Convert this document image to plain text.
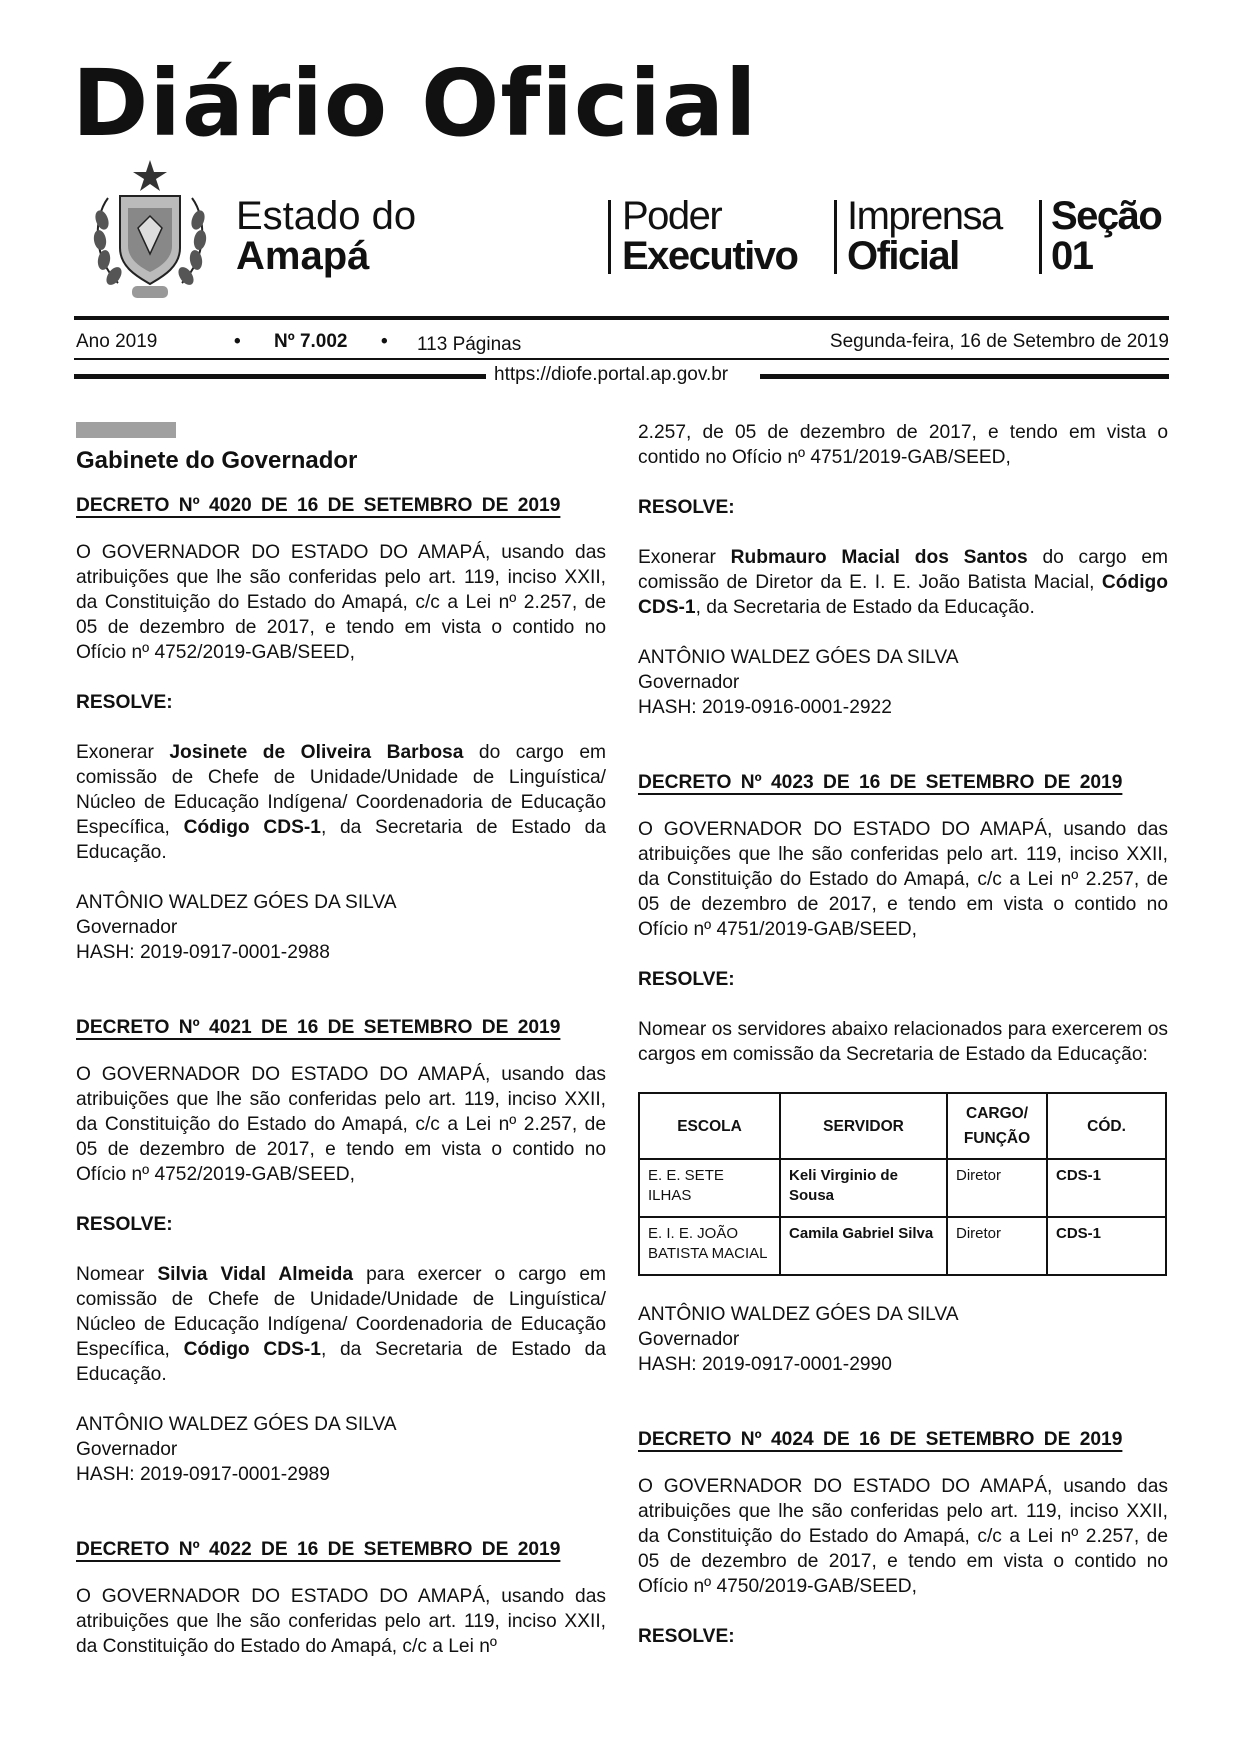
Diário Oficial
Estado do
Amapá
Poder
Executivo
Imprensa
Oficial
Seção
01
Ano 2019	• Nº 7.002 • 113 Páginas	Segunda-feira, 16 de Setembro de 2019
https://diofe.portal.ap.gov.br
Gabinete do Governador
DECRETO Nº 4020 DE 16 DE SETEMBRO DE 2019
O GOVERNADOR DO ESTADO DO AMAPÁ, usando das atribuições que lhe são conferidas pelo art. 119, inciso XXII, da Constituição do Estado do Amapá, c/c a Lei nº 2.257, de 05 de dezembro de 2017, e tendo em vista o contido no Ofício nº 4752/2019-GAB/SEED,
RESOLVE:
Exonerar Josinete de Oliveira Barbosa do cargo em comissão de Chefe de Unidade/Unidade de Linguística/ Núcleo de Educação Indígena/ Coordenadoria de Educação Específica, Código CDS-1, da Secretaria de Estado da Educação.
ANTÔNIO WALDEZ GÓES DA SILVA
Governador
HASH: 2019-0917-0001-2988
DECRETO Nº 4021 DE 16 DE SETEMBRO DE 2019
O GOVERNADOR DO ESTADO DO AMAPÁ, usando das atribuições que lhe são conferidas pelo art. 119, inciso XXII, da Constituição do Estado do Amapá, c/c a Lei nº 2.257, de 05 de dezembro de 2017, e tendo em vista o contido no Ofício nº 4752/2019-GAB/SEED,
RESOLVE:
Nomear Silvia Vidal Almeida para exercer o cargo em comissão de Chefe de Unidade/Unidade de Linguística/ Núcleo de Educação Indígena/ Coordenadoria de Educação Específica, Código CDS-1, da Secretaria de Estado da Educação.
ANTÔNIO WALDEZ GÓES DA SILVA
Governador
HASH: 2019-0917-0001-2989
DECRETO Nº 4022 DE 16 DE SETEMBRO DE 2019
O GOVERNADOR DO ESTADO DO AMAPÁ, usando das atribuições que lhe são conferidas pelo art. 119, inciso XXII, da Constituição do Estado do Amapá, c/c a Lei nº
2.257, de 05 de dezembro de 2017, e tendo em vista o contido no Ofício nº 4751/2019-GAB/SEED,
RESOLVE:
Exonerar Rubmauro Macial dos Santos do cargo em comissão de Diretor da E. I. E. João Batista Macial, Código CDS-1, da Secretaria de Estado da Educação.
ANTÔNIO WALDEZ GÓES DA SILVA
Governador
HASH: 2019-0916-0001-2922
DECRETO Nº 4023 DE 16 DE SETEMBRO DE 2019
O GOVERNADOR DO ESTADO DO AMAPÁ, usando das atribuições que lhe são conferidas pelo art. 119, inciso XXII, da Constituição do Estado do Amapá, c/c a Lei nº 2.257, de 05 de dezembro de 2017, e tendo em vista o contido no Ofício nº 4751/2019-GAB/SEED,
RESOLVE:
Nomear os servidores abaixo relacionados para exercerem os cargos em comissão da Secretaria de Estado da Educação:
ESCOLA	SERVIDOR	CARGO/ FUNÇÃO	CÓD.
E. E. SETE ILHAS	Keli Virginio de Sousa	Diretor	CDS-1
E. I. E. JOÃO BATISTA MACIAL	Camila Gabriel Silva	Diretor	CDS-1
ANTÔNIO WALDEZ GÓES DA SILVA
Governador
HASH: 2019-0917-0001-2990
DECRETO Nº 4024 DE 16 DE SETEMBRO DE 2019
O GOVERNADOR DO ESTADO DO AMAPÁ, usando das atribuições que lhe são conferidas pelo art. 119, inciso XXII, da Constituição do Estado do Amapá, c/c a Lei nº 2.257, de 05 de dezembro de 2017, e tendo em vista o contido no Ofício nº 4750/2019-GAB/SEED,
RESOLVE:
